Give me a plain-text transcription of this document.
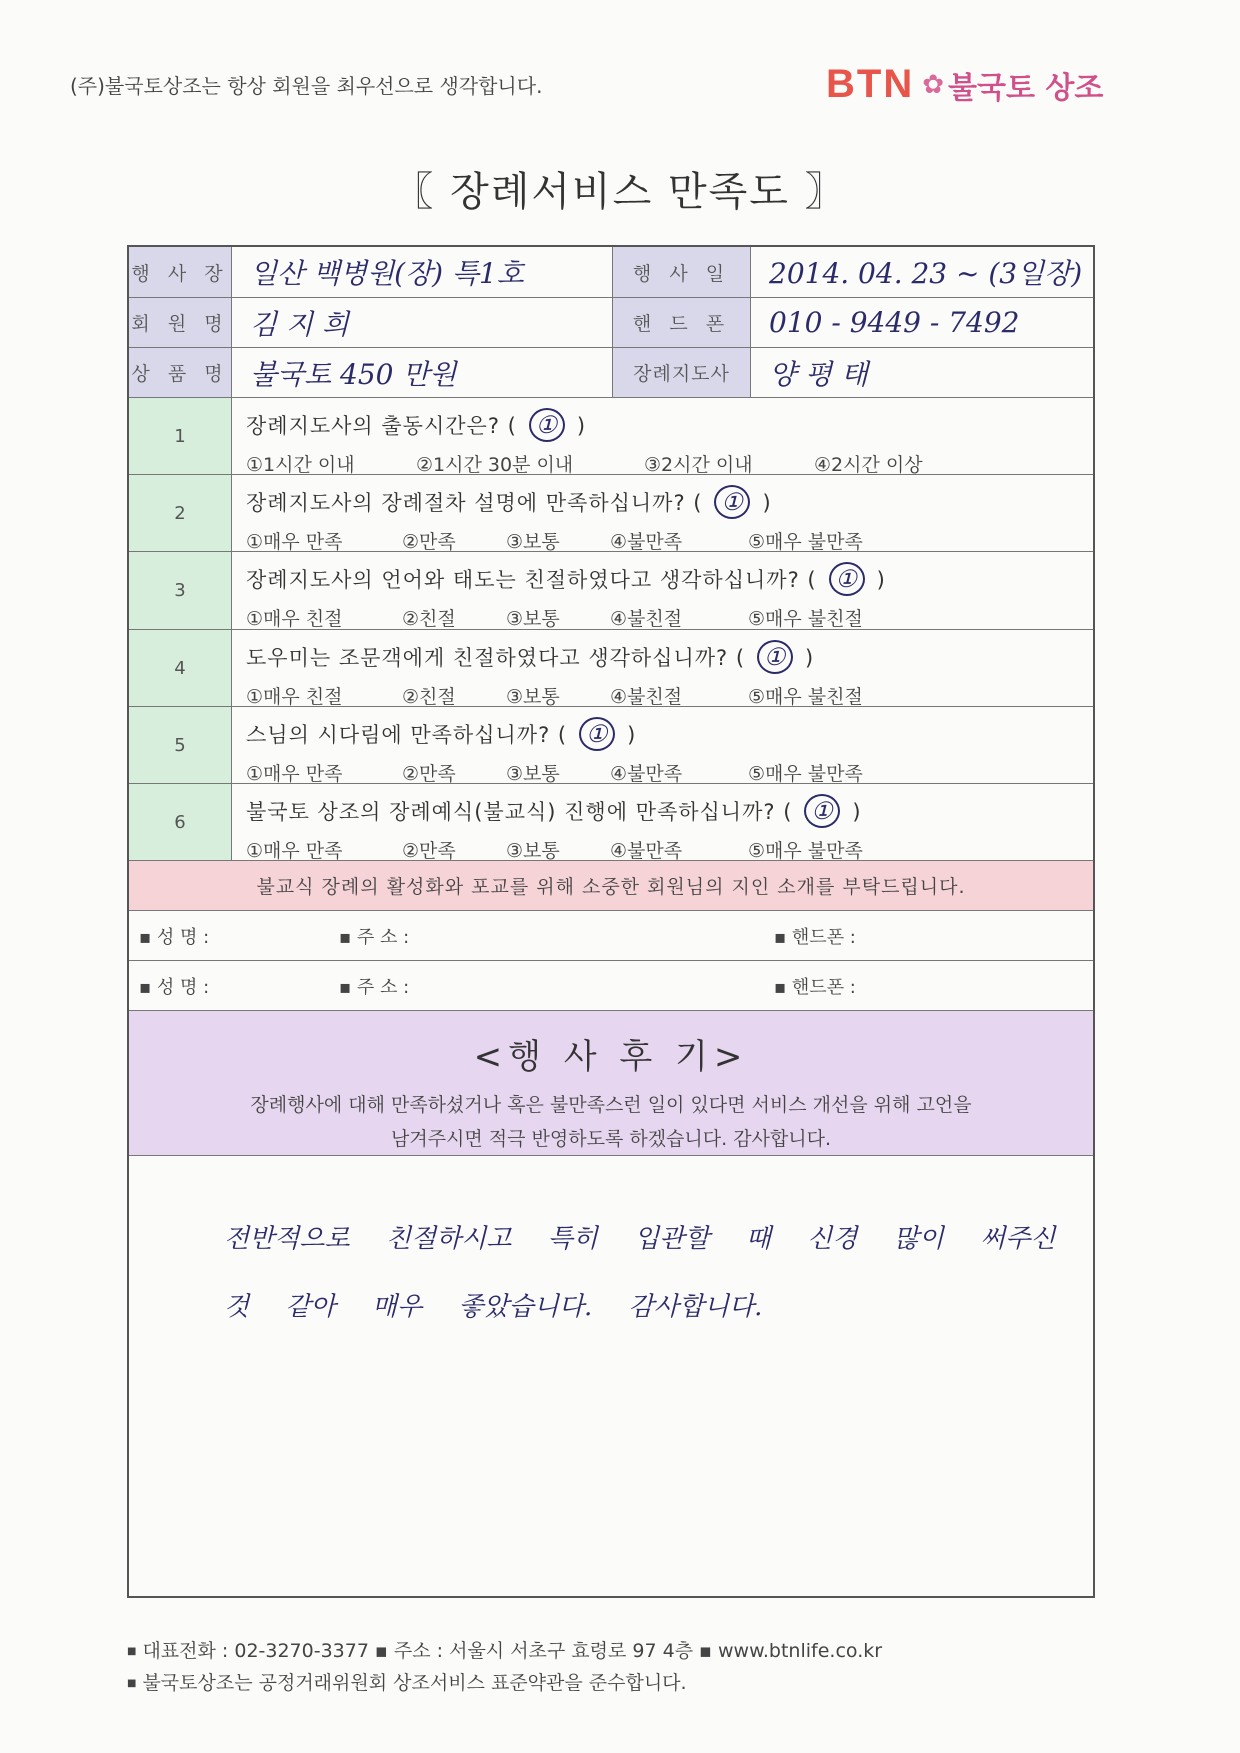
(주)불국토상조는 항상 회원을 최우선으로 생각합니다.	BTN ✿ 불국토 상조
〖 장례서비스 만족도 〗
행 사 장 일산 백병원(장) 특1호	행 사 일	2014. 04. 23 ~ (3일장)
회 원 명 김 지 희	핸 드 폰	010 - 9449 - 7492
상 품 명 불국토 450 만원	장례지도사	양 평 태
1	장례지도사의 출동시간은? ( ① )
①1시간 이내	②1시간 30분 이내	③2시간 이내	④2시간 이상
2	장례지도사의 장례절차 설명에 만족하십니까? ( ① )
①매우 만족	②만족	③보통	④불만족	⑤매우 불만족
3	장례지도사의 언어와 태도는 친절하였다고 생각하십니까? ( ① )
①매우 친절	②친절	③보통	④불친절	⑤매우 불친절
4	도우미는 조문객에게 친절하였다고 생각하십니까? ( ① )
①매우 친절	②친절	③보통	④불친절	⑤매우 불친절
5	스님의 시다림에 만족하십니까? ( ① )
①매우 만족	②만족	③보통	④불만족	⑤매우 불만족
6	불국토 상조의 장례예식(불교식) 진행에 만족하십니까? ( ① )
①매우 만족	②만족	③보통	④불만족	⑤매우 불만족
불교식 장례의 활성화와 포교를 위해 소중한 회원님의 지인 소개를 부탁드립니다.
▪ 성 명 :	▪ 주 소 :	▪ 핸드폰 :
▪ 성 명 :	▪ 주 소 :	▪ 핸드폰 :
<행 사 후 기>
장례행사에 대해 만족하셨거나 혹은 불만족스런 일이 있다면 서비스 개선을 위해 고언을
남겨주시면 적극 반영하도록 하겠습니다. 감사합니다.
전반적으로 친절하시고 특히 입관할 때 신경 많이 써주신
것 같아 매우 좋았습니다. 감사합니다.
■ 대표전화 : 02-3270-3377 ▪ 주소 : 서울시 서초구 효령로 97 4층 ▪ www.btnlife.co.kr
■ 불국토상조는 공정거래위원회 상조서비스 표준약관을 준수합니다.
